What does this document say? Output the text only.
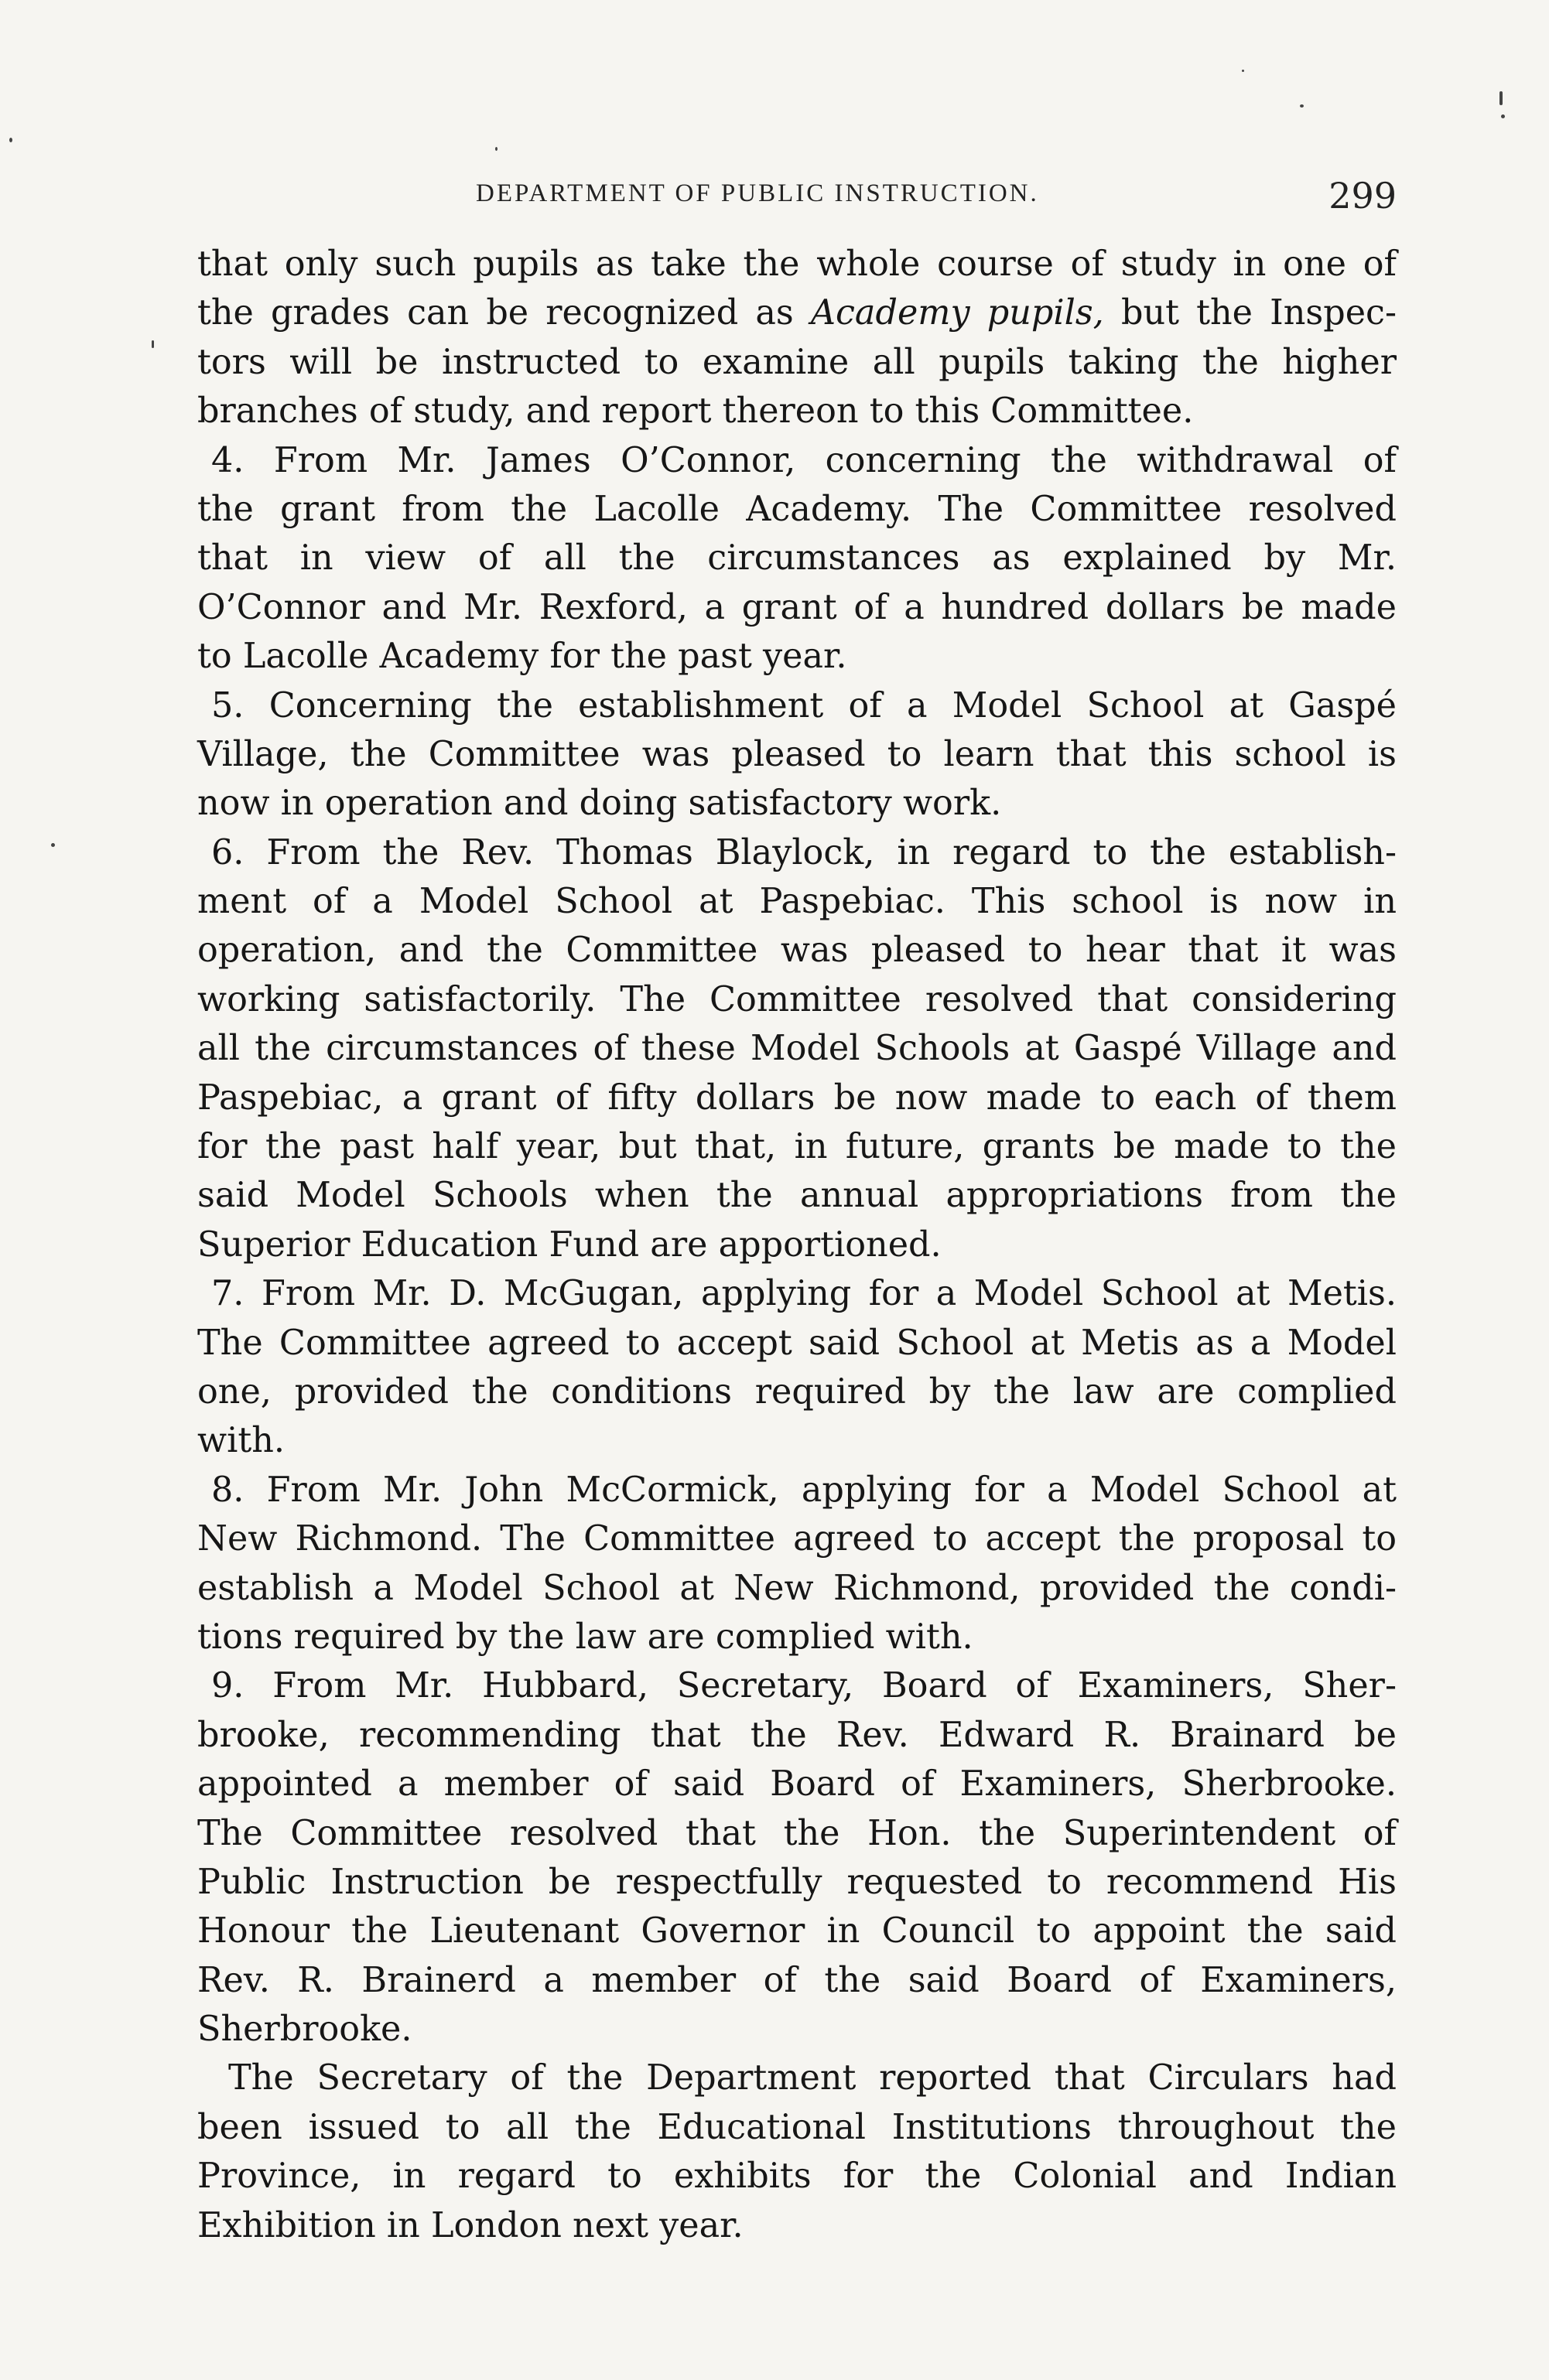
DEPARTMENT OF PUBLIC INSTRUCTION.	299
that only such pupils as take the whole course of study in one of
the grades can be recognized as Academy pupils, but the Inspec-
tors will be instructed to examine all pupils taking the higher
branches of study, and report thereon to this Committee.
4. From Mr. James O’Connor, concerning the withdrawal of
the grant from the Lacolle Academy. The Committee resolved
that in view of all the circumstances as explained by Mr.
O’Connor and Mr. Rexford, a grant of a hundred dollars be made
to Lacolle Academy for the past year.
5. Concerning the establishment of a Model School at Gaspé
Village, the Committee was pleased to learn that this school is
now in operation and doing satisfactory work.
6. From the Rev. Thomas Blaylock, in regard to the establish-
ment of a Model School at Paspebiac. This school is now in
operation, and the Committee was pleased to hear that it was
working satisfactorily. The Committee resolved that considering
all the circumstances of these Model Schools at Gaspé Village and
Paspebiac, a grant of fifty dollars be now made to each of them
for the past half year, but that, in future, grants be made to the
said Model Schools when the annual appropriations from the
Superior Education Fund are apportioned.
7. From Mr. D. McGugan, applying for a Model School at Metis.
The Committee agreed to accept said School at Metis as a Model
one, provided the conditions required by the law are complied
with.
8. From Mr. John McCormick, applying for a Model School at
New Richmond. The Committee agreed to accept the proposal to
establish a Model School at New Richmond, provided the condi-
tions required by the law are complied with.
9. From Mr. Hubbard, Secretary, Board of Examiners, Sher-
brooke, recommending that the Rev. Edward R. Brainard be
appointed a member of said Board of Examiners, Sherbrooke.
The Committee resolved that the Hon. the Superintendent of
Public Instruction be respectfully requested to recommend His
Honour the Lieutenant Governor in Council to appoint the said
Rev. R. Brainerd a member of the said Board of Examiners,
Sherbrooke.
The Secretary of the Department reported that Circulars had
been issued to all the Educational Institutions throughout the
Province, in regard to exhibits for the Colonial and Indian
Exhibition in London next year.
